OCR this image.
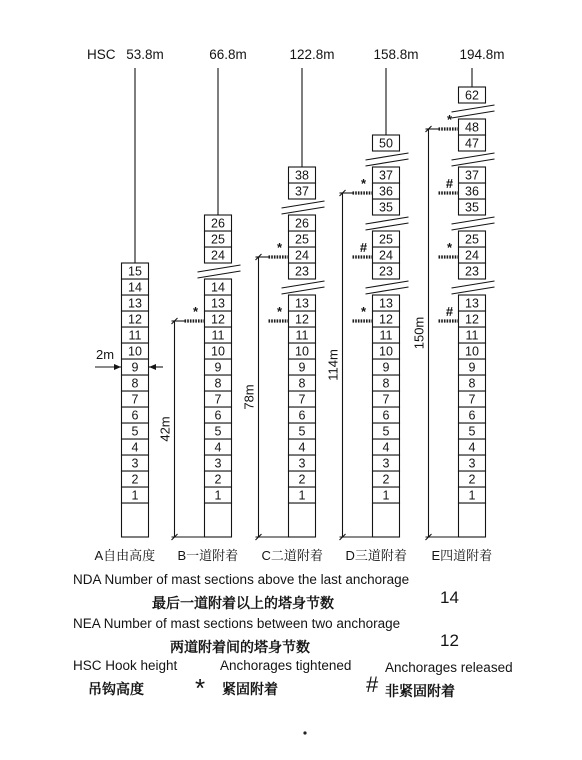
HSC
2m
1
2
3
4
5
6
7
8
9
10
11
12
13
14
15
53.8m
A自由高度
1
2
3
4
5
6
7
8
9
10
11
12
13
14
24
25
26
66.8m
B一道附着
*
42m
1
2
3
4
5
6
7
8
9
10
11
12
13
23
24
25
26
37
38
122.8m
C二道附着
*
*
78m
1
2
3
4
5
6
7
8
9
10
11
12
13
23
24
25
35
36
37
50
158.8m
D三道附着
*
#
*
114m
1
2
3
4
5
6
7
8
9
10
11
12
13
23
24
25
35
36
37
47
48
62
194.8m
E四道附着
*
#
*
#
150m
NDA Number of mast sections above the last anchorage
最后一道附着以上的塔身节数	14
NEA Number of mast sections between two anchorage
两道附着间的塔身节数	12
HSC Hook height
吊钩高度 *
Anchorages tightened
紧固附着	#
Anchorages released
非紧固附着
